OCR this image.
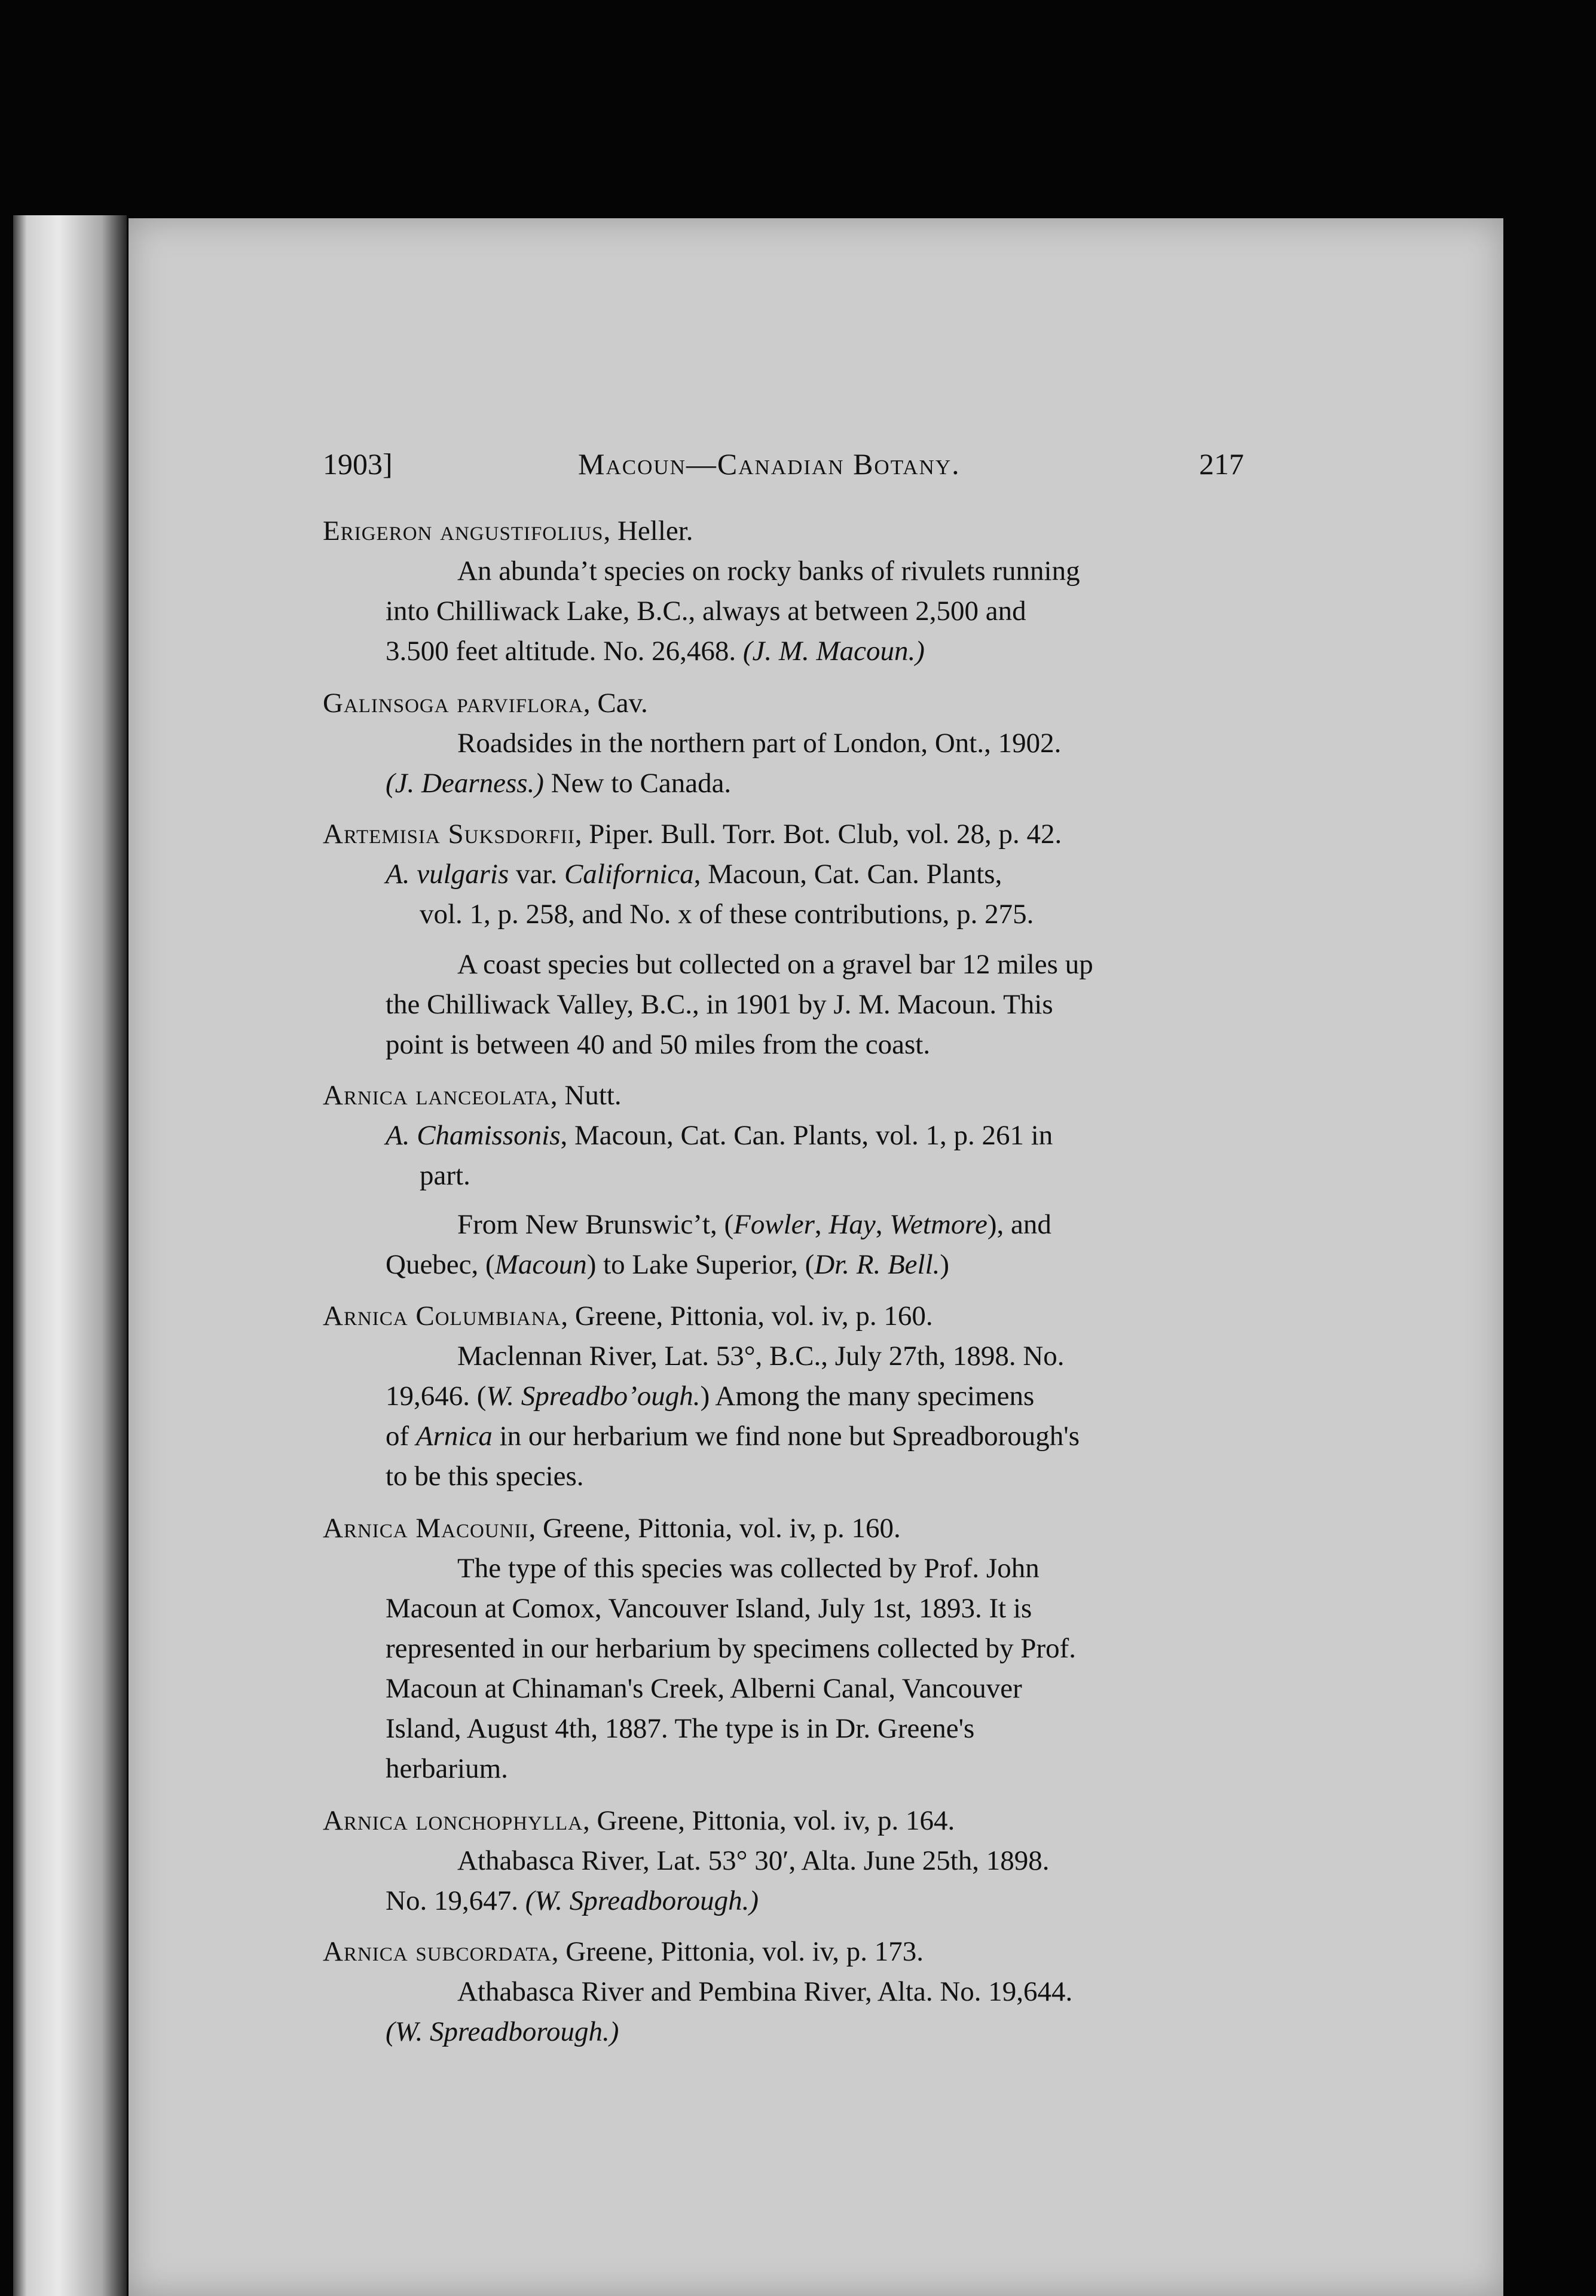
1903]	Macoun—Canadian Botany.	217
Erigeron angustifolius, Heller.
An abundaʼt species on rocky banks of rivulets running
into Chilliwack Lake, B.C., always at between 2,500 and
3.500 feet altitude. No. 26,468. (J. M. Macoun.)
Galinsoga parviflora, Cav.
Roadsides in the northern part of London, Ont., 1902.
(J. Dearness.) New to Canada.
Artemisia Suksdorfii, Piper. Bull. Torr. Bot. Club, vol. 28, p. 42.
A. vulgaris var. Californica, Macoun, Cat. Can. Plants,
vol. 1, p. 258, and No. x of these contributions, p. 275.
A coast species but collected on a gravel bar 12 miles up
the Chilliwack Valley, B.C., in 1901 by J. M. Macoun. This
point is between 40 and 50 miles from the coast.
Arnica lanceolata, Nutt.
A. Chamissonis, Macoun, Cat. Can. Plants, vol. 1, p. 261 in
part.
From New Brunswicʼt, (Fowler, Hay, Wetmore), and
Quebec, (Macoun) to Lake Superior, (Dr. R. Bell.)
Arnica Columbiana, Greene, Pittonia, vol. iv, p. 160.
Maclennan River, Lat. 53°, B.C., July 27th, 1898. No.
19,646. (W. Spreadboʼough.) Among the many specimens
of Arnica in our herbarium we find none but Spreadborough's
to be this species.
Arnica Macounii, Greene, Pittonia, vol. iv, p. 160.
The type of this species was collected by Prof. John
Macoun at Comox, Vancouver Island, July 1st, 1893. It is
represented in our herbarium by specimens collected by Prof.
Macoun at Chinaman's Creek, Alberni Canal, Vancouver
Island, August 4th, 1887. The type is in Dr. Greene's
herbarium.
Arnica lonchophylla, Greene, Pittonia, vol. iv, p. 164.
Athabasca River, Lat. 53° 30′, Alta. June 25th, 1898.
No. 19,647. (W. Spreadborough.)
Arnica subcordata, Greene, Pittonia, vol. iv, p. 173.
Athabasca River and Pembina River, Alta. No. 19,644.
(W. Spreadborough.)
